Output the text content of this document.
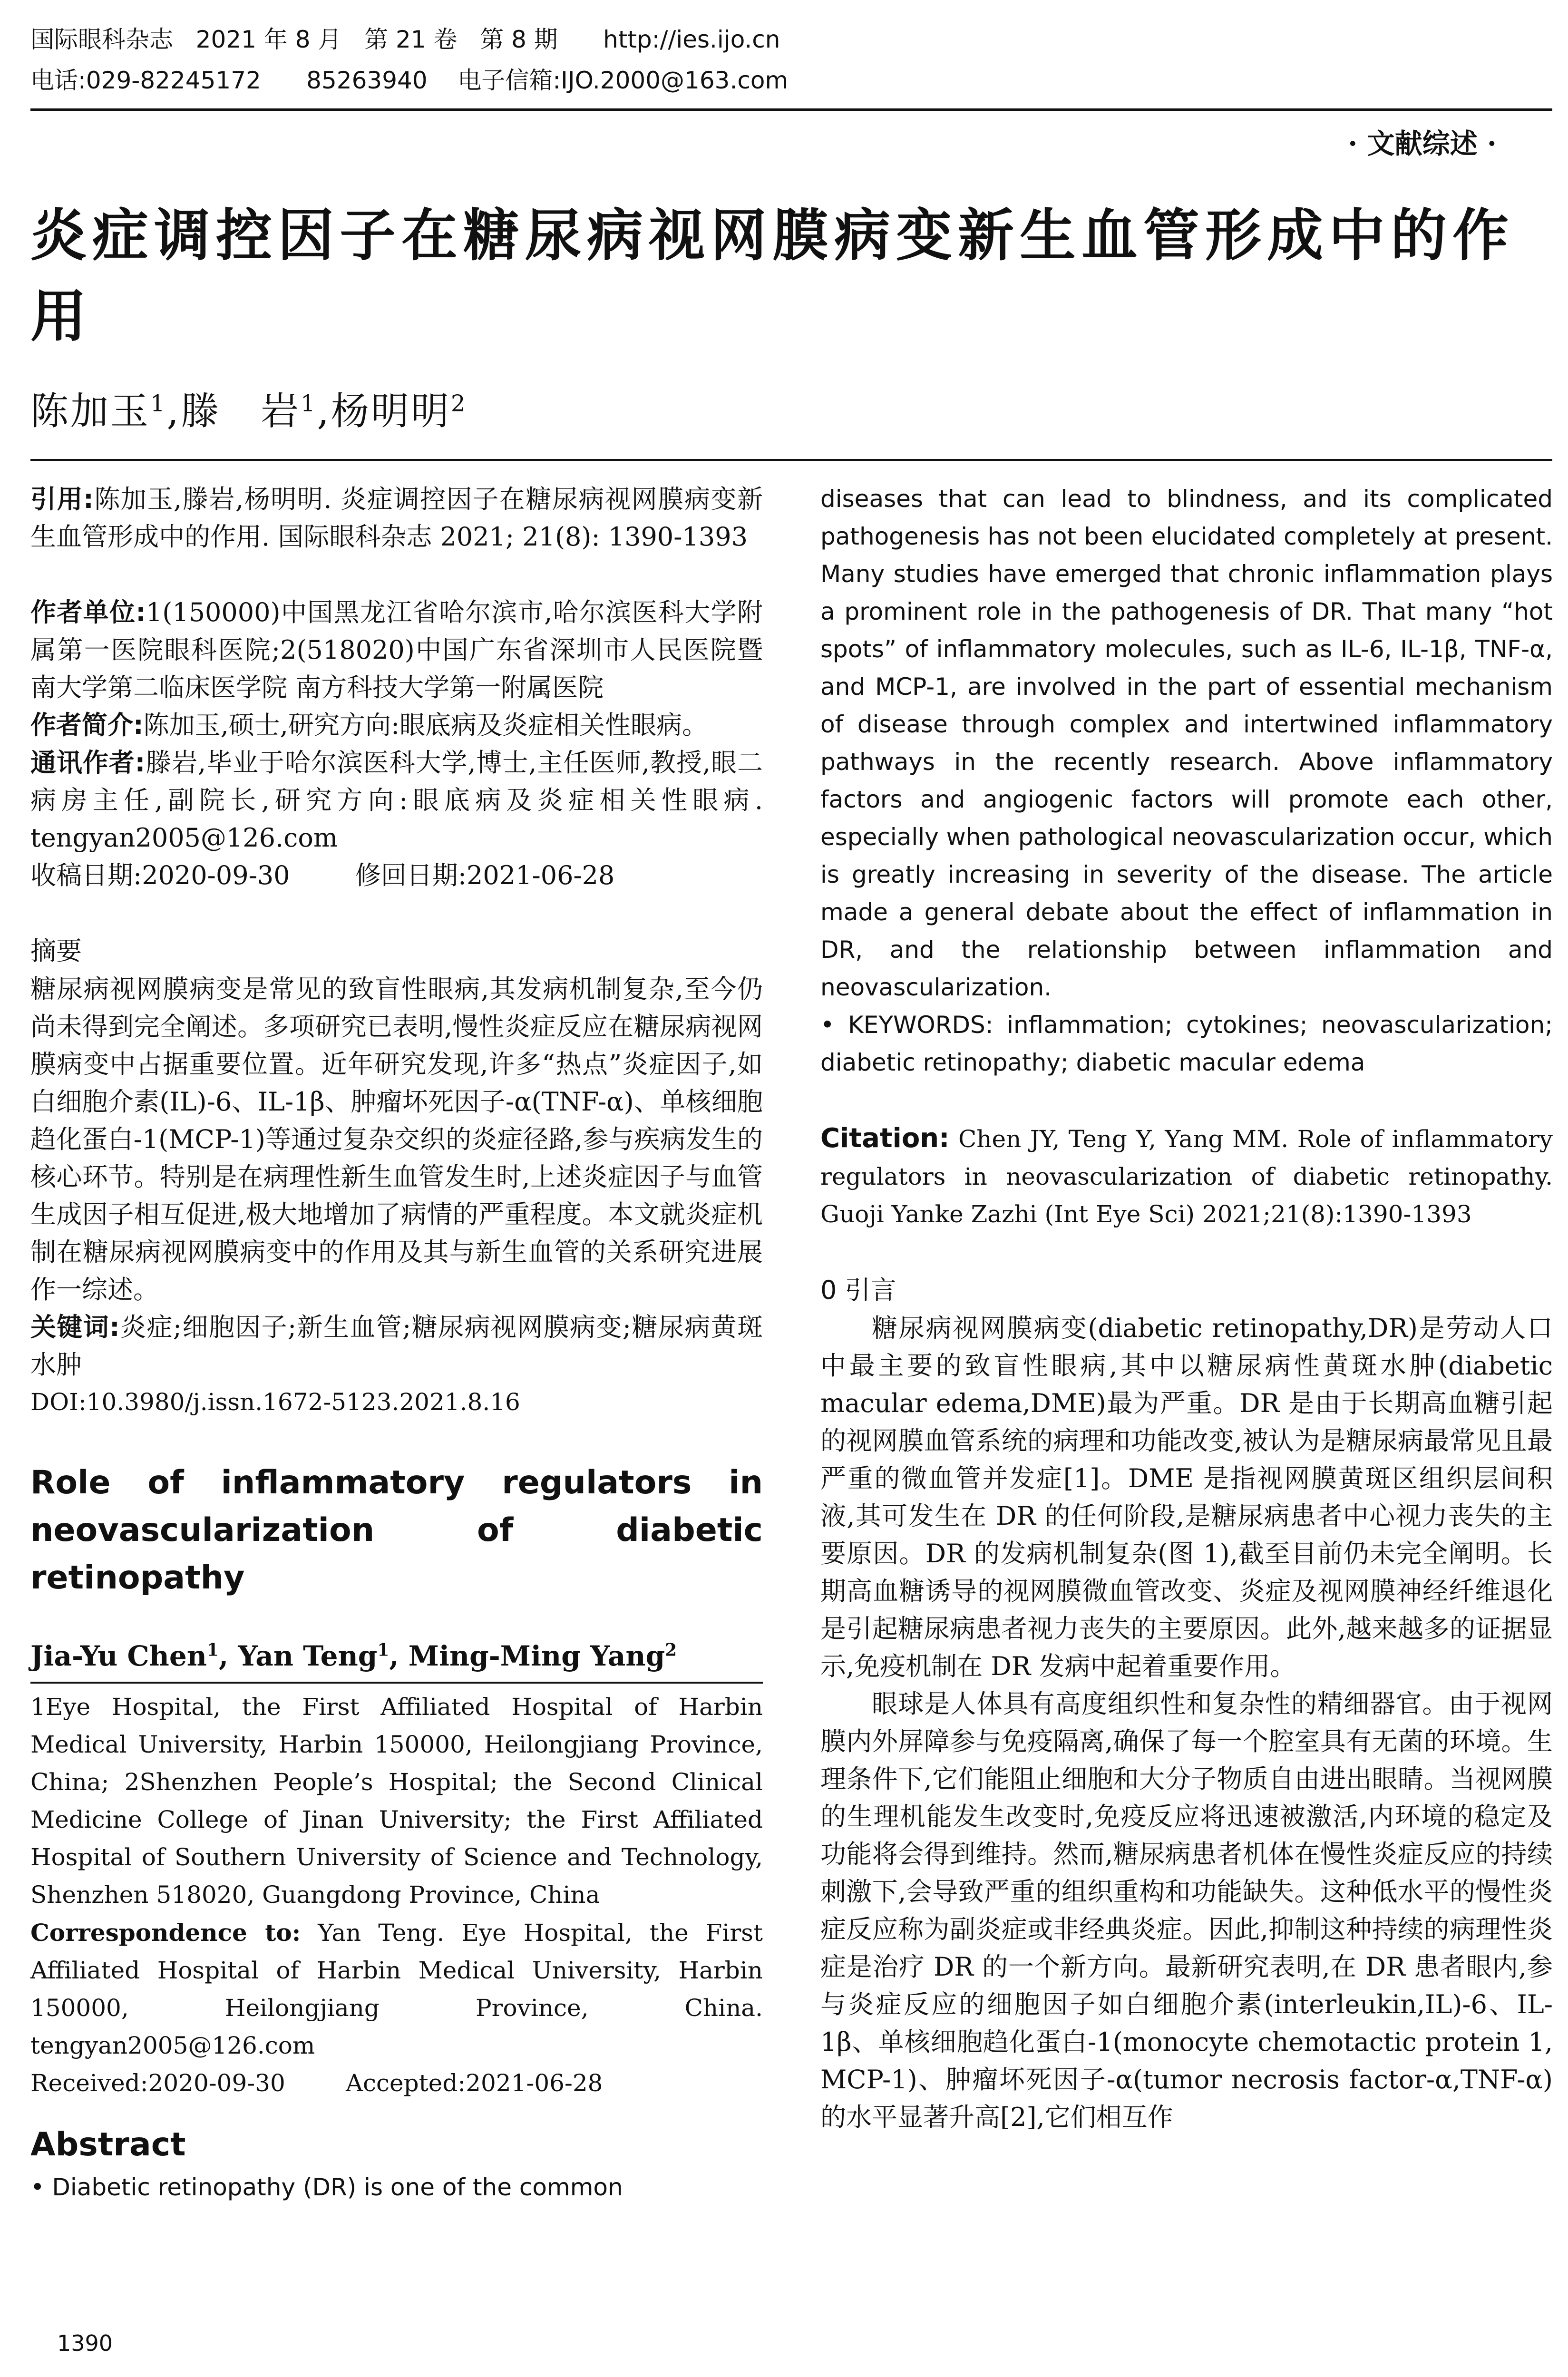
国际眼科杂志   2021 年 8 月   第 21 卷   第 8 期      http://ies.ijo.cn
电话:029-82245172      85263940    电子信箱:IJO.2000@163.com
· 文献综述 ·
炎症调控因子在糖尿病视网膜病变新生血管形成中的作用
陈加玉$^1$,滕　岩$^1$,杨明明$^2$

引用:陈加玉,滕岩,杨明明. 炎症调控因子在糖尿病视网膜病变新生血管形成中的作用. 国际眼科杂志 2021; 21(8): 1390-1393

作者单位:1(150000)中国黑龙江省哈尔滨市,哈尔滨医科大学附属第一医院眼科医院;2(518020)中国广东省深圳市人民医院暨南大学第二临床医学院 南方科技大学第一附属医院

作者简介:陈加玉,硕士,研究方向:眼底病及炎症相关性眼病。

通讯作者:滕岩,毕业于哈尔滨医科大学,博士,主任医师,教授,眼二病房主任,副院长,研究方向:眼底病及炎症相关性眼病. tengyan2005@126.com

收稿日期:2020-09-30        修回日期:2021-06-28

摘要

糖尿病视网膜病变是常见的致盲性眼病,其发病机制复杂,至今仍尚未得到完全阐述。多项研究已表明,慢性炎症反应在糖尿病视网膜病变中占据重要位置。近年研究发现,许多“热点”炎症因子,如白细胞介素(IL)-6、IL-1β、肿瘤坏死因子-α(TNF-α)、单核细胞趋化蛋白-1(MCP-1)等通过复杂交织的炎症径路,参与疾病发生的核心环节。特别是在病理性新生血管发生时,上述炎症因子与血管生成因子相互促进,极大地增加了病情的严重程度。本文就炎症机制在糖尿病视网膜病变中的作用及其与新生血管的关系研究进展作一综述。

关键词:炎症;细胞因子;新生血管;糖尿病视网膜病变;糖尿病黄斑水肿

DOI:10.3980/j.issn.1672-5123.2021.8.16

Role of inflammatory regulators in neovascularization of diabetic retinopathy

Jia-Yu Chen$^1$, Yan Teng$^1$, Ming-Ming Yang$^2$

1Eye Hospital, the First Affiliated Hospital of Harbin Medical University, Harbin 150000, Heilongjiang Province, China; 2Shenzhen People’s Hospital; the Second Clinical Medicine College of Jinan University; the First Affiliated Hospital of Southern University of Science and Technology, Shenzhen 518020, Guangdong Province, China

Correspondence to: Yan Teng. Eye Hospital, the First Affiliated Hospital of Harbin Medical University, Harbin 150000, Heilongjiang Province, China. tengyan2005@126.com

Received:2020-09-30        Accepted:2021-06-28

Abstract

• Diabetic retinopathy (DR) is one of the common

diseases that can lead to blindness, and its complicated pathogenesis has not been elucidated completely at present. Many studies have emerged that chronic inflammation plays a prominent role in the pathogenesis of DR. That many “hot spots” of inflammatory molecules, such as IL-6, IL-1β, TNF-α, and MCP-1, are involved in the part of essential mechanism of disease through complex and intertwined inflammatory pathways in the recently research. Above inflammatory factors and angiogenic factors will promote each other, especially when pathological neovascularization occur, which is greatly increasing in severity of the disease. The article made a general debate about the effect of inflammation in DR, and the relationship between inflammation and neovascularization.

• KEYWORDS: inflammation; cytokines; neovascularization; diabetic retinopathy; diabetic macular edema

Citation: Chen JY, Teng Y, Yang MM. Role of inflammatory regulators in neovascularization of diabetic retinopathy. Guoji Yanke Zazhi (Int Eye Sci) 2021;21(8):1390-1393

0 引言

糖尿病视网膜病变(diabetic retinopathy,DR)是劳动人口中最主要的致盲性眼病,其中以糖尿病性黄斑水肿(diabetic macular edema,DME)最为严重。DR 是由于长期高血糖引起的视网膜血管系统的病理和功能改变,被认为是糖尿病最常见且最严重的微血管并发症[1]。DME 是指视网膜黄斑区组织层间积液,其可发生在 DR 的任何阶段,是糖尿病患者中心视力丧失的主要原因。DR 的发病机制复杂(图 1),截至目前仍未完全阐明。长期高血糖诱导的视网膜微血管改变、炎症及视网膜神经纤维退化是引起糖尿病患者视力丧失的主要原因。此外,越来越多的证据显示,免疫机制在 DR 发病中起着重要作用。

眼球是人体具有高度组织性和复杂性的精细器官。由于视网膜内外屏障参与免疫隔离,确保了每一个腔室具有无菌的环境。生理条件下,它们能阻止细胞和大分子物质自由进出眼睛。当视网膜的生理机能发生改变时,免疫反应将迅速被激活,内环境的稳定及功能将会得到维持。然而,糖尿病患者机体在慢性炎症反应的持续刺激下,会导致严重的组织重构和功能缺失。这种低水平的慢性炎症反应称为副炎症或非经典炎症。因此,抑制这种持续的病理性炎症是治疗 DR 的一个新方向。最新研究表明,在 DR 患者眼内,参与炎症反应的细胞因子如白细胞介素(interleukin,IL)-6、IL-1β、单核细胞趋化蛋白-1(monocyte chemotactic protein 1, MCP-1)、肿瘤坏死因子-α(tumor necrosis factor-α,TNF-α)的水平显著升高[2],它们相互作

1390
